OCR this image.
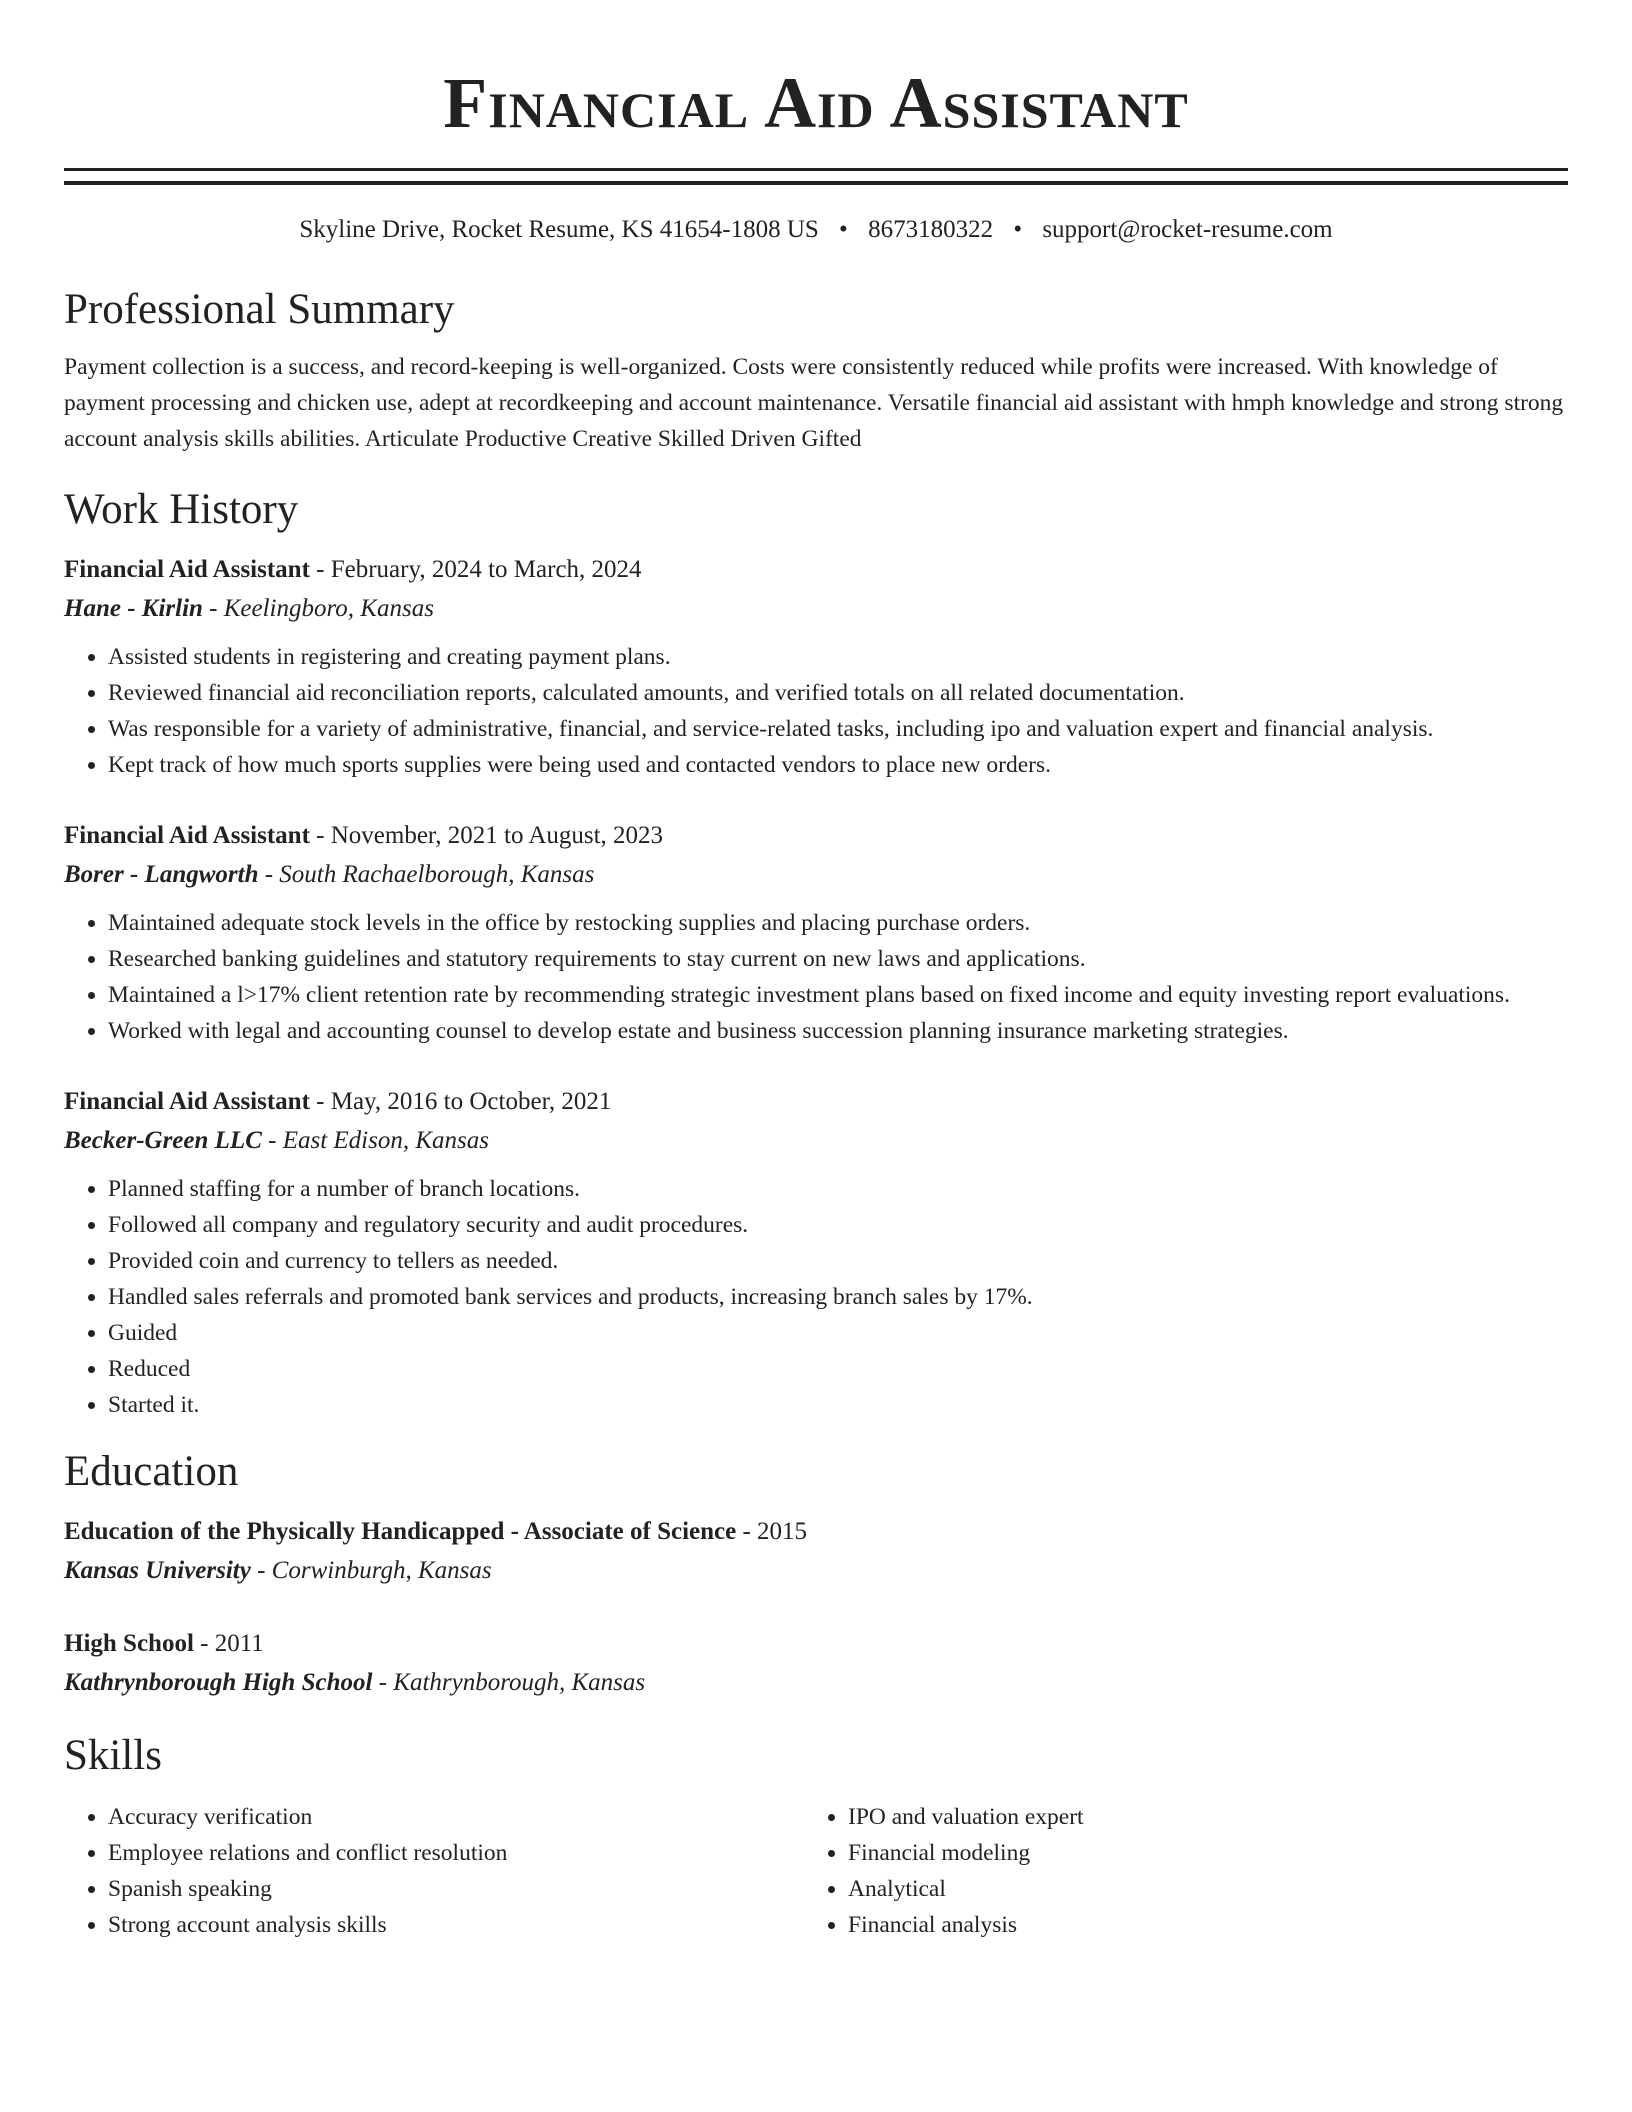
Financial Aid Assistant
Skyline Drive, Rocket Resume, KS 41654-1808 US • 8673180322 • support@rocket-resume.com
Professional Summary

Payment collection is a success, and record-keeping is well-organized. Costs were consistently reduced while profits were increased. With knowledge of payment processing and chicken use, adept at recordkeeping and account maintenance. Versatile financial aid assistant with hmph knowledge and strong strong account analysis skills abilities. Articulate Productive Creative Skilled Driven Gifted

Work History
Financial Aid Assistant - February, 2024 to March, 2024
Hane - Kirlin - Keelingboro, Kansas
• Assisted students in registering and creating payment plans.
• Reviewed financial aid reconciliation reports, calculated amounts, and verified totals on all related documentation.
• Was responsible for a variety of administrative, financial, and service-related tasks, including ipo and valuation expert and financial analysis.
• Kept track of how much sports supplies were being used and contacted vendors to place new orders.
Financial Aid Assistant - November, 2021 to August, 2023
Borer - Langworth - South Rachaelborough, Kansas
• Maintained adequate stock levels in the office by restocking supplies and placing purchase orders.
• Researched banking guidelines and statutory requirements to stay current on new laws and applications.
• Maintained a l>17% client retention rate by recommending strategic investment plans based on fixed income and equity investing report evaluations.
• Worked with legal and accounting counsel to develop estate and business succession planning insurance marketing strategies.
Financial Aid Assistant - May, 2016 to October, 2021
Becker-Green LLC - East Edison, Kansas
• Planned staffing for a number of branch locations.
• Followed all company and regulatory security and audit procedures.
• Provided coin and currency to tellers as needed.
• Handled sales referrals and promoted bank services and products, increasing branch sales by 17%.
• Guided
• Reduced
• Started it.
Education
Education of the Physically Handicapped - Associate of Science - 2015
Kansas University - Corwinburgh, Kansas
High School - 2011
Kathrynborough High School - Kathrynborough, Kansas
Skills
• Accuracy verification
• Employee relations and conflict resolution
• Spanish speaking
• Strong account analysis skills
• IPO and valuation expert
• Financial modeling
• Analytical
• Financial analysis
